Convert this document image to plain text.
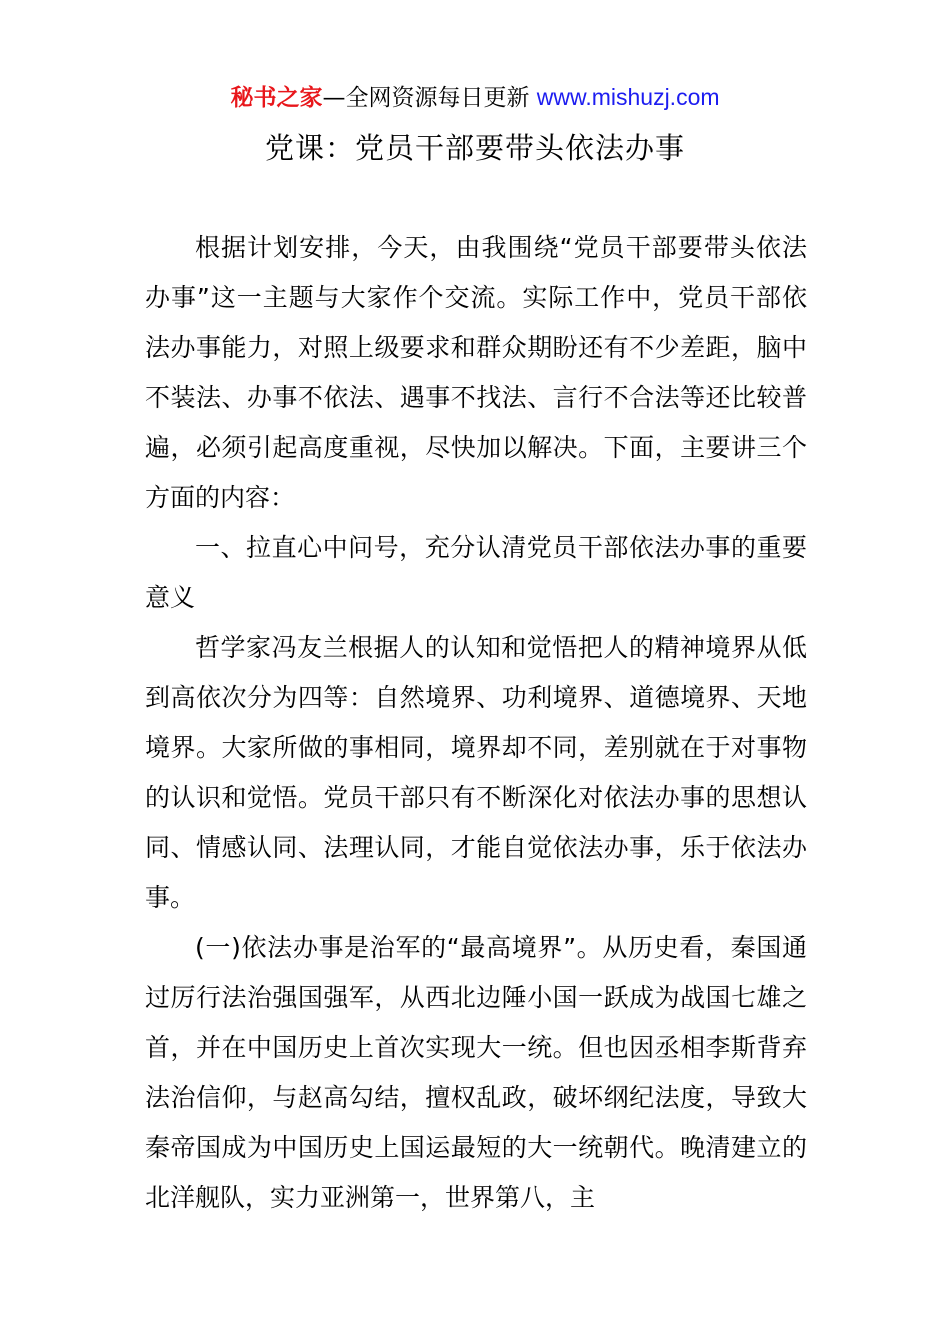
秘书之家—全网资源每日更新 www.mishuzj.com
党课：党员干部要带头依法办事

根据计划安排，今天，由我围绕“党员干部要带头依法办事”这一主题与大家作个交流。实际工作中，党员干部依法办事能力，对照上级要求和群众期盼还有不少差距，脑中不装法、办事不依法、遇事不找法、言行不合法等还比较普遍，必须引起高度重视，尽快加以解决。下面，主要讲三个方面的内容：

一、拉直心中问号，充分认清党员干部依法办事的重要意义

哲学家冯友兰根据人的认知和觉悟把人的精神境界从低到高依次分为四等：自然境界、功利境界、道德境界、天地境界。大家所做的事相同，境界却不同，差别就在于对事物的认识和觉悟。党员干部只有不断深化对依法办事的思想认同、情感认同、法理认同，才能自觉依法办事，乐于依法办事。

(一)依法办事是治军的“最高境界”。从历史看，秦国通过厉行法治强国强军，从西北边陲小国一跃成为战国七雄之首，并在中国历史上首次实现大一统。但也因丞相李斯背弃法治信仰，与赵高勾结，擅权乱政，破坏纲纪法度，导致大秦帝国成为中国历史上国运最短的大一统朝代。晚清建立的北洋舰队，实力亚洲第一，世界第八，主
